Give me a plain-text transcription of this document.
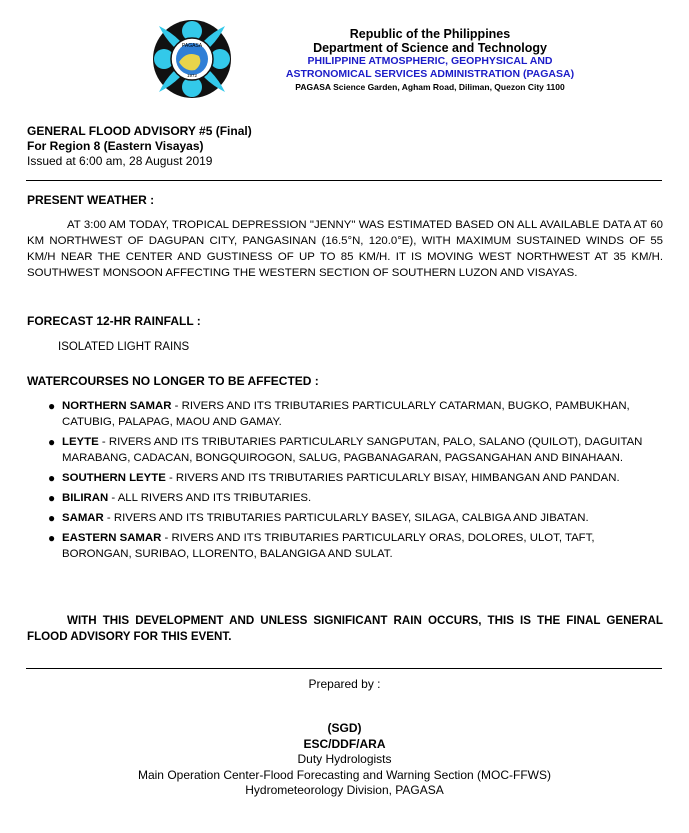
PAGASA
1972
Republic of the Philippines
Department of Science and Technology
PHILIPPINE ATMOSPHERIC, GEOPHYSICAL AND
ASTRONOMICAL SERVICES ADMINISTRATION (PAGASA)
PAGASA Science Garden, Agham Road, Diliman, Quezon City 1100
GENERAL FLOOD ADVISORY #5 (Final)
For Region 8 (Eastern Visayas)
Issued at 6:00 am, 28 August 2019
PRESENT WEATHER :
AT 3:00 AM TODAY, TROPICAL DEPRESSION "JENNY" WAS ESTIMATED BASED ON ALL AVAILABLE DATA AT 60 KM NORTHWEST OF DAGUPAN CITY, PANGASINAN (16.5°N, 120.0°E), WITH MAXIMUM SUSTAINED WINDS OF 55 KM/H NEAR THE CENTER AND GUSTINESS OF UP TO 85 KM/H. IT IS MOVING WEST NORTHWEST AT 35 KM/H. SOUTHWEST MONSOON AFFECTING THE WESTERN SECTION OF SOUTHERN LUZON AND VISAYAS.
FORECAST 12-HR RAINFALL :
ISOLATED LIGHT RAINS
WATERCOURSES NO LONGER TO BE AFFECTED :
● NORTHERN SAMAR - RIVERS AND ITS TRIBUTARIES PARTICULARLY CATARMAN, BUGKO, PAMBUKHAN, CATUBIG, PALAPAG, MAOU AND GAMAY.
● LEYTE - RIVERS AND ITS TRIBUTARIES PARTICULARLY SANGPUTAN, PALO, SALANO (QUILOT), DAGUITAN MARABANG, CADACAN, BONGQUIROGON, SALUG, PAGBANAGARAN, PAGSANGAHAN AND BINAHAAN.
● SOUTHERN LEYTE - RIVERS AND ITS TRIBUTARIES PARTICULARLY BISAY, HIMBANGAN AND PANDAN.
● BILIRAN - ALL RIVERS AND ITS TRIBUTARIES.
● SAMAR - RIVERS AND ITS TRIBUTARIES PARTICULARLY BASEY, SILAGA, CALBIGA AND JIBATAN.
● EASTERN SAMAR - RIVERS AND ITS TRIBUTARIES PARTICULARLY ORAS, DOLORES, ULOT, TAFT, BORONGAN, SURIBAO, LLORENTO, BALANGIGA AND SULAT.
WITH THIS DEVELOPMENT AND UNLESS SIGNIFICANT RAIN OCCURS, THIS IS THE FINAL GENERAL FLOOD ADVISORY FOR THIS EVENT.
Prepared by :
(SGD)
ESC/DDF/ARA
Duty Hydrologists
Main Operation Center-Flood Forecasting and Warning Section (MOC-FFWS)
Hydrometeorology Division, PAGASA
